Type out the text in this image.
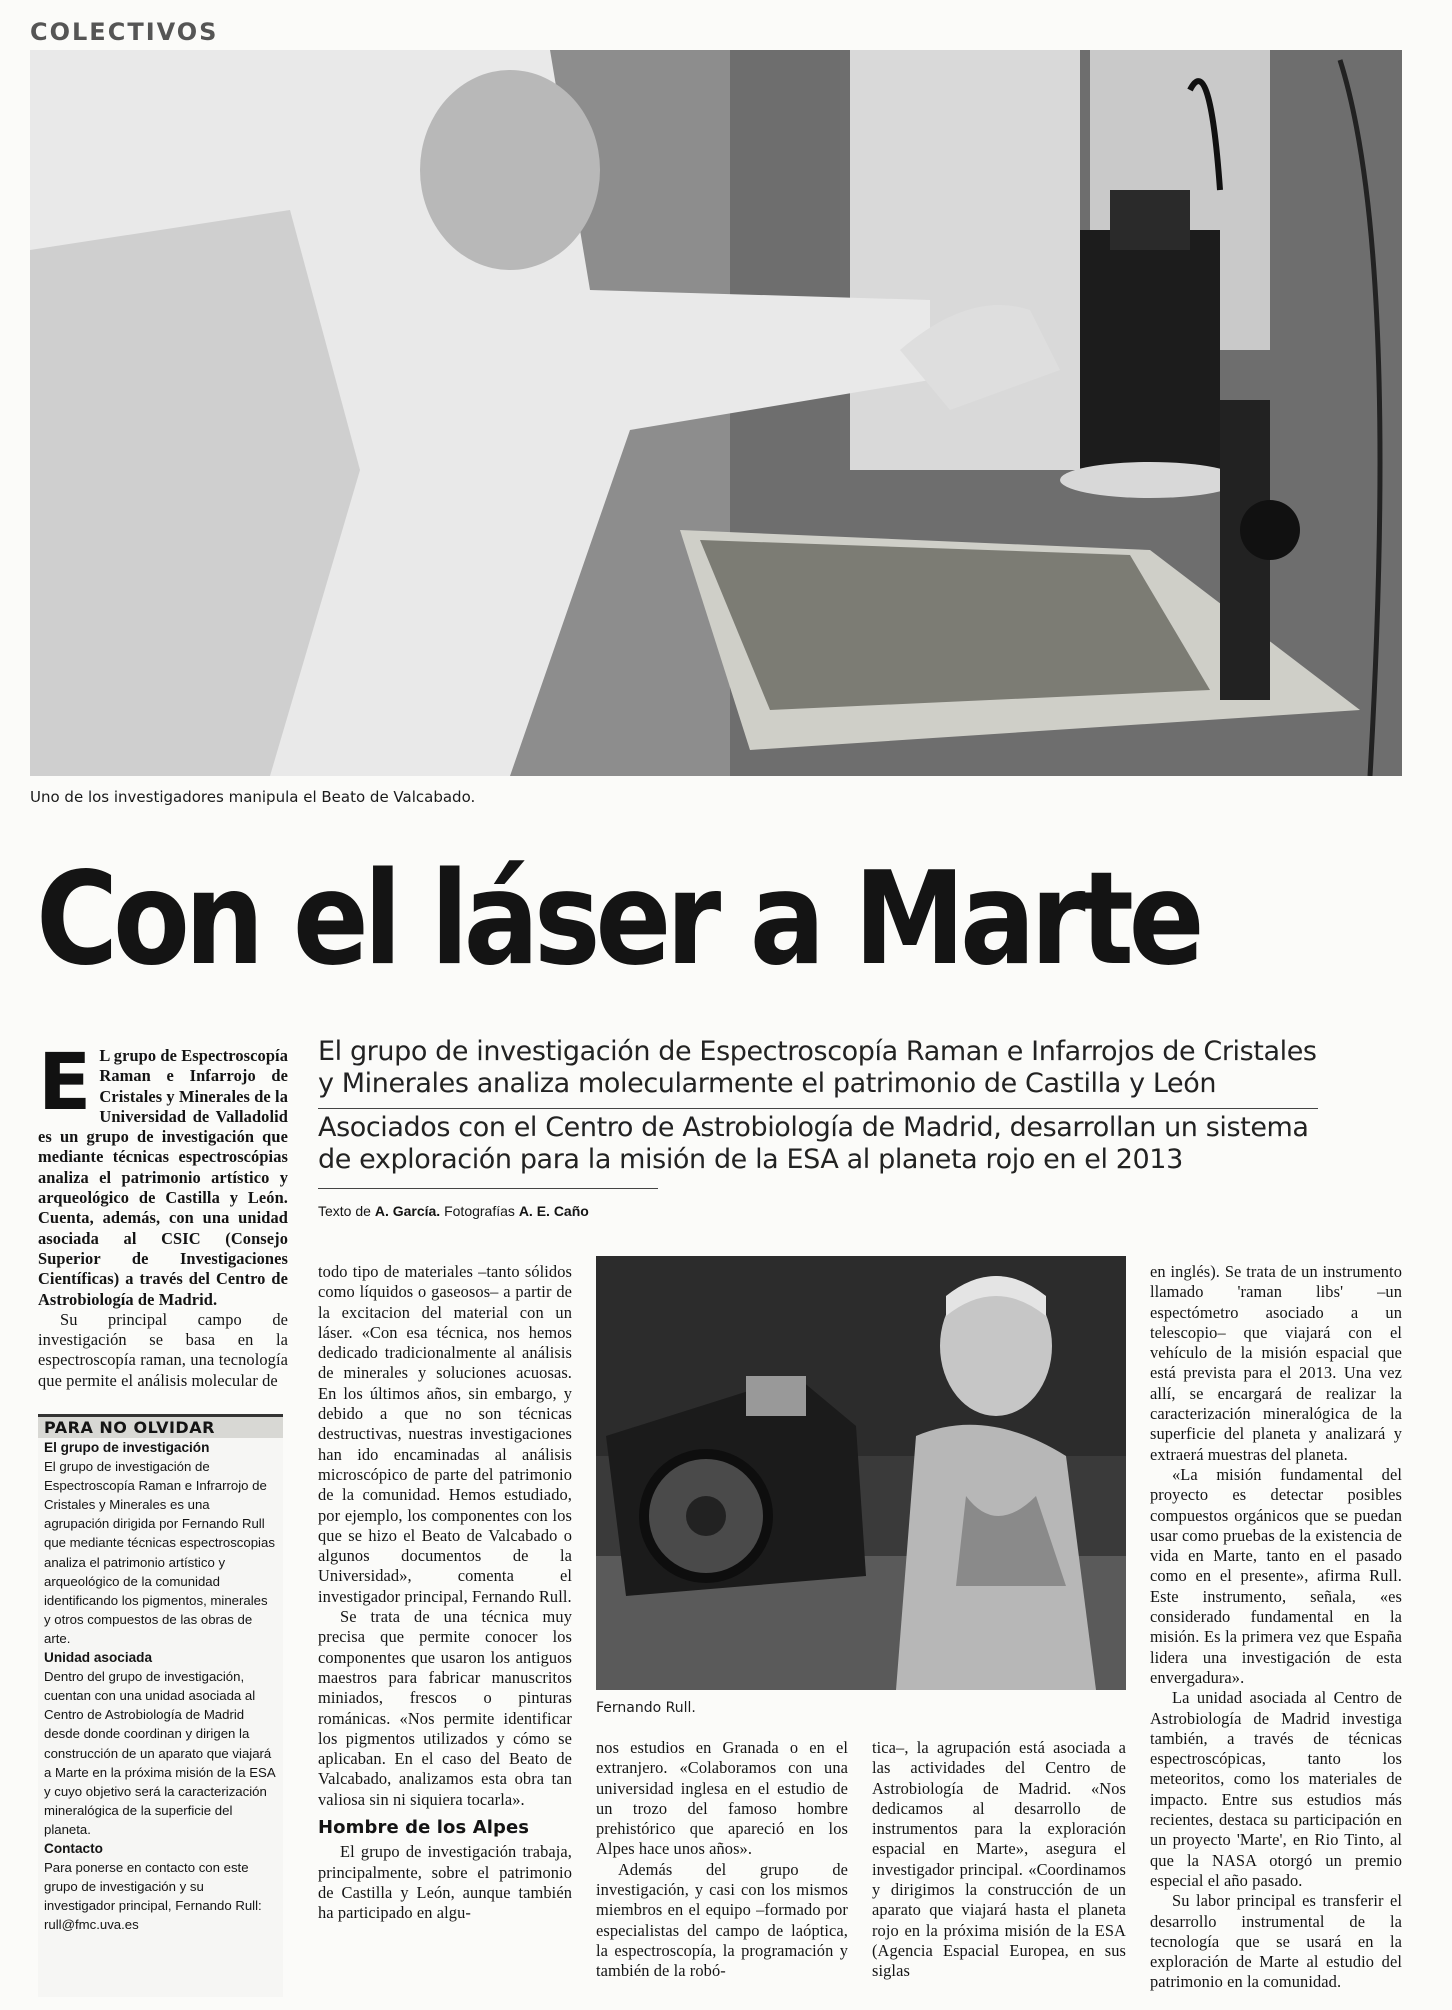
COLECTIVOS
Uno de los investigadores manipula el Beato de Valcabado.
Con el láser a Marte
El grupo de investigación de Espectroscopía Raman e Infarrojos de Cristales y Minerales analiza molecularmente el patrimonio de Castilla y León
Asociados con el Centro de Astrobiología de Madrid, desarrollan un sistema de exploración para la misión de la ESA al planeta rojo en el 2013
Texto de A. García. Fotografías A. E. Caño

E L grupo de Espectroscopía Raman e Infarrojo de Cristales y Minerales de la Universidad de Valladolid es un grupo de investigación que mediante técnicas espectroscópias analiza el patrimonio artístico y arqueológico de Castilla y León. Cuenta, además, con una unidad asociada al CSIC (Consejo Superior de Investigaciones Científicas) a través del Centro de Astrobiología de Madrid.

Su principal campo de investigación se basa en la espectroscopía raman, una tecnología que permite el análisis molecular de

PARA NO OLVIDAR
El grupo de investigación
El grupo de investigación de Espectroscopía Raman e Infrarrojo de Cristales y Minerales es una agrupación dirigida por Fernando Rull que mediante técnicas espectroscopias analiza el patrimonio artístico y arqueológico de la comunidad identificando los pigmentos, minerales y otros compuestos de las obras de arte.
Unidad asociada
Dentro del grupo de investigación, cuentan con una unidad asociada al Centro de Astrobiología de Madrid desde donde coordinan y dirigen la construcción de un aparato que viajará a Marte en la próxima misión de la ESA y cuyo objetivo será la caracterización mineralógica de la superficie del planeta.
Contacto
Para ponerse en contacto con este grupo de investigación y su investigador principal, Fernando Rull: rull@fmc.uva.es

todo tipo de materiales –tanto sólidos como líquidos o gaseosos– a partir de la excitacion del material con un láser. «Con esa técnica, nos hemos dedicado tradicionalmente al análisis de minerales y soluciones acuosas. En los últimos años, sin embargo, y debido a que no son técnicas destructivas, nuestras investigaciones han ido encaminadas al análisis microscópico de parte del patrimonio de la comunidad. Hemos estudiado, por ejemplo, los componentes con los que se hizo el Beato de Valcabado o algunos documentos de la Universidad», comenta el investigador principal, Fernando Rull.

Se trata de una técnica muy precisa que permite conocer los componentes que usaron los antiguos maestros para fabricar manuscritos miniados, frescos o pinturas románicas. «Nos permite identificar los pigmentos utilizados y cómo se aplicaban. En el caso del Beato de Valcabado, analizamos esta obra tan valiosa sin ni siquiera tocarla».

Hombre de los Alpes

El grupo de investigación trabaja, principalmente, sobre el patrimonio de Castilla y León, aunque también ha participado en algu-

Fernando Rull.

nos estudios en Granada o en el extranjero. «Colaboramos con una universidad inglesa en el estudio de un trozo del famoso hombre prehistórico que apareció en los Alpes hace unos años».

Además del grupo de investigación, y casi con los mismos miembros en el equipo –formado por especialistas del campo de laóptica, la espectroscopía, la programación y también de la robó-

tica–, la agrupación está asociada a las actividades del Centro de Astrobiología de Madrid. «Nos dedicamos al desarrollo de instrumentos para la exploración espacial en Marte», asegura el investigador principal. «Coordinamos y dirigimos la construcción de un aparato que viajará hasta el planeta rojo en la próxima misión de la ESA (Agencia Espacial Europea, en sus siglas

en inglés). Se trata de un instrumento llamado 'raman libs' –un espectómetro asociado a un telescopio– que viajará con el vehículo de la misión espacial que está prevista para el 2013. Una vez allí, se encargará de realizar la caracterización mineralógica de la superficie del planeta y analizará y extraerá muestras del planeta.

«La misión fundamental del proyecto es detectar posibles compuestos orgánicos que se puedan usar como pruebas de la existencia de vida en Marte, tanto en el pasado como en el presente», afirma Rull. Este instrumento, señala, «es considerado fundamental en la misión. Es la primera vez que España lidera una investigación de esta envergadura».

La unidad asociada al Centro de Astrobiología de Madrid investiga también, a través de técnicas espectroscópicas, tanto los meteoritos, como los materiales de impacto. Entre sus estudios más recientes, destaca su participación en un proyecto 'Marte', en Rio Tinto, al que la NASA otorgó un premio especial el año pasado.

Su labor principal es transferir el desarrollo instrumental de la tecnología que se usará en la exploración de Marte al estudio del patrimonio en la comunidad.
